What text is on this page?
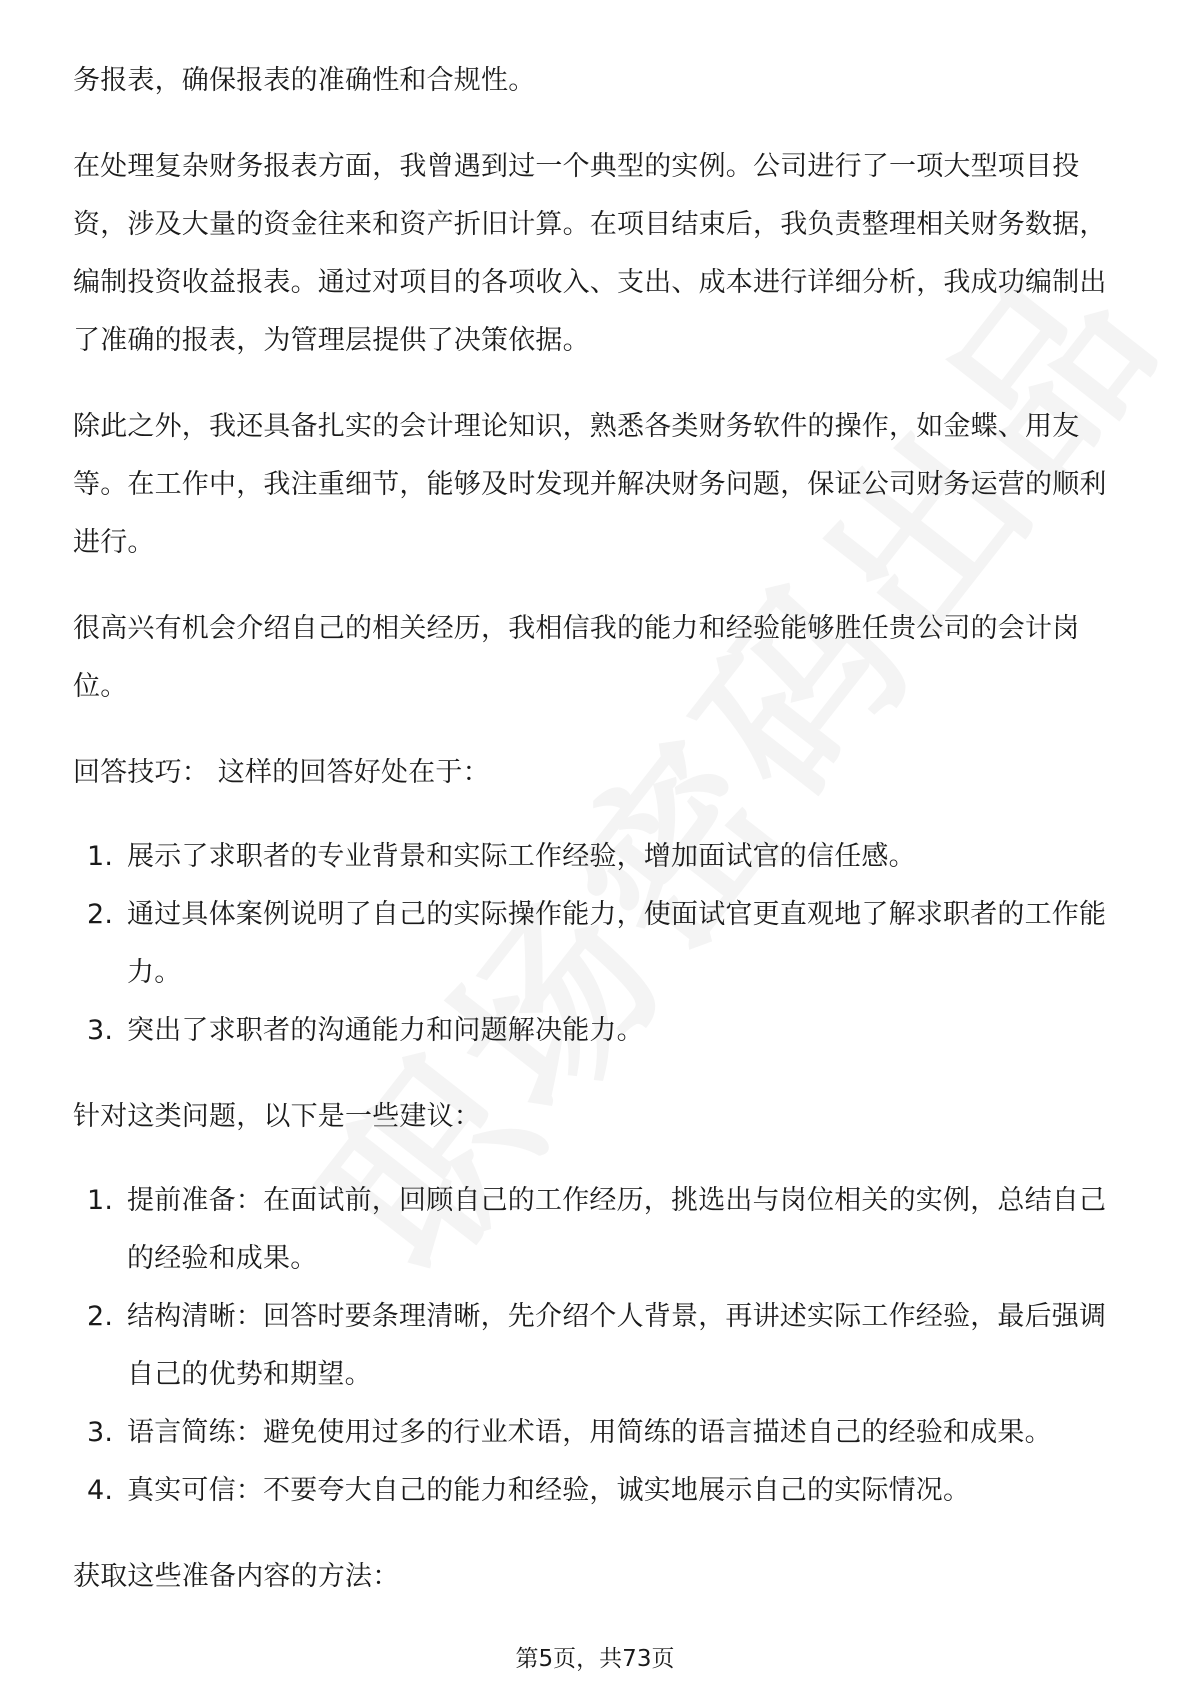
务报表，确保报表的准确性和合规性。

在处理复杂财务报表方面，我曾遇到过一个典型的实例。公司进行了一项大型项目投资，涉及大量的资金往来和资产折旧计算。在项目结束后，我负责整理相关财务数据，编制投资收益报表。通过对项目的各项收入、支出、成本进行详细分析，我成功编制出了准确的报表，为管理层提供了决策依据。

除此之外，我还具备扎实的会计理论知识，熟悉各类财务软件的操作，如金蝶、用友等。在工作中，我注重细节，能够及时发现并解决财务问题，保证公司财务运营的顺利进行。

很高兴有机会介绍自己的相关经历，我相信我的能力和经验能够胜任贵公司的会计岗位。

回答技巧： 这样的回答好处在于：

1. 展示了求职者的专业背景和实际工作经验，增加面试官的信任感。
2. 通过具体案例说明了自己的实际操作能力，使面试官更直观地了解求职者的工作能力。
3. 突出了求职者的沟通能力和问题解决能力。

针对这类问题，以下是一些建议：

1. 提前准备：在面试前，回顾自己的工作经历，挑选出与岗位相关的实例，总结自己的经验和成果。
2. 结构清晰：回答时要条理清晰，先介绍个人背景，再讲述实际工作经验，最后强调自己的优势和期望。
3. 语言简练：避免使用过多的行业术语，用简练的语言描述自己的经验和成果。
4. 真实可信：不要夸大自己的能力和经验，诚实地展示自己的实际情况。

获取这些准备内容的方法：

第5页，共73页
